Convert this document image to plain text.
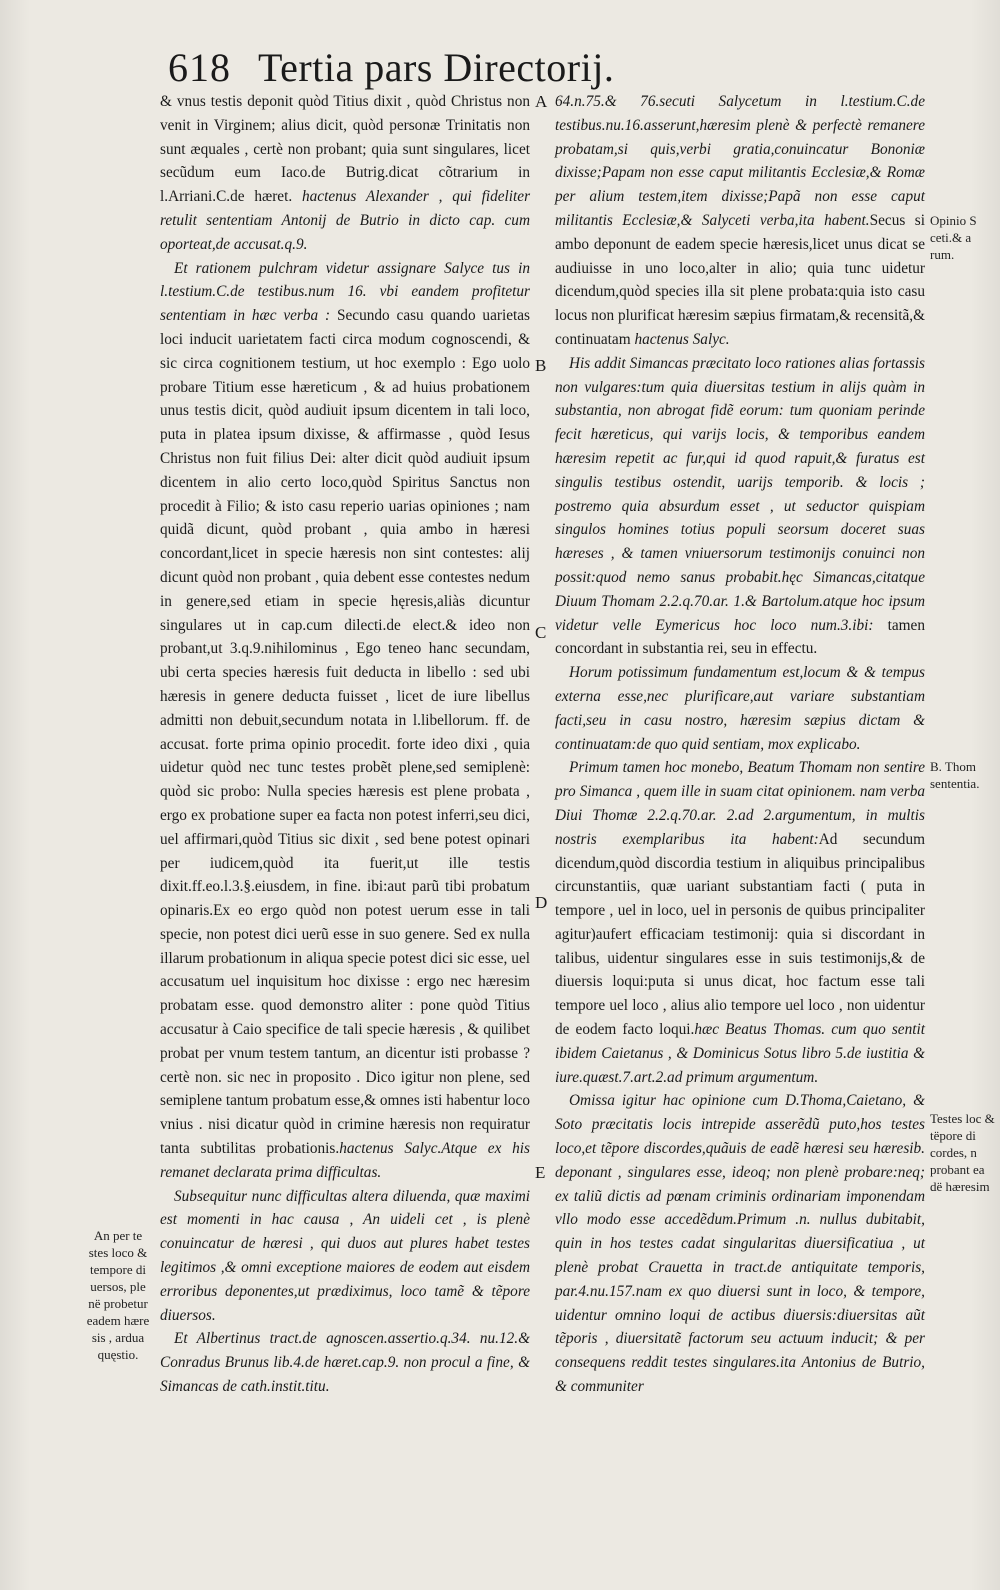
618 Tertia pars Directorij.
A
B
C
D
E
Opinio S ceti.& a rum.
B. Thom sententia.
Testes loc & tëpore di cordes, n probant ea dë hæresim
An per te stes loco & tempore di uersos, ple në probetur eadem hære sis , ardua quęstio.

& vnus testis deponit quòd Titius dixit , quòd Christus non venit in Virginem; alius dicit, quòd personæ Trinitatis non sunt æquales , certè non probant; quia sunt singulares, licet secũdum eum Iaco.de Butrig.dicat cõtrarium in l.Arriani.C.de hæret. hactenus Alexander , qui fideliter retulit sententiam Antonij de Butrio in dicto cap. cum oporteat,de accusat.q.9.

Et rationem pulchram videtur assignare Salyce tus in l.testium.C.de testibus.num 16. vbi eandem profitetur sententiam in hæc verba : Secundo casu quando uarietas loci inducit uarietatem facti circa modum cognoscendi, & sic circa cognitionem testium, ut hoc exemplo : Ego uolo probare Titium esse hæreticum , & ad huius probationem unus testis dicit, quòd audiuit ipsum dicentem in tali loco, puta in platea ipsum dixisse, & affirmasse , quòd Iesus Christus non fuit filius Dei: alter dicit quòd audiuit ipsum dicentem in alio certo loco,quòd Spiritus Sanctus non procedit à Filio; & isto casu reperio uarias opiniones ; nam quidã dicunt, quòd probant , quia ambo in hæresi concordant,licet in specie hæresis non sint contestes: alij dicunt quòd non probant , quia debent esse contestes nedum in genere,sed etiam in specie hęresis,aliàs dicuntur singulares ut in cap.cum dilecti.de elect.& ideo non probant,ut 3.q.9.nihilominus , Ego teneo hanc secundam, ubi certa species hæresis fuit deducta in libello : sed ubi hæresis in genere deducta fuisset , licet de iure libellus admitti non debuit,secundum notata in l.libellorum. ff. de accusat. forte prima opinio procedit. forte ideo dixi , quia uidetur quòd nec tunc testes probẽt plene,sed semiplenè: quòd sic probo: Nulla species hæresis est plene probata , ergo ex probatione super ea facta non potest inferri,seu dici, uel affirmari,quòd Titius sic dixit , sed bene potest opinari per iudicem,quòd ita fuerit,ut ille testis dixit.ff.eo.l.3.§.eiusdem, in fine. ibi:aut parũ tibi probatum opinaris.Ex eo ergo quòd non potest uerum esse in tali specie, non potest dici uerũ esse in suo genere. Sed ex nulla illarum probationum in aliqua specie potest dici sic esse, uel accusatum uel inquisitum hoc dixisse : ergo nec hæresim probatam esse. quod demonstro aliter : pone quòd Titius accusatur à Caio specifice de tali specie hæresis , & quilibet probat per vnum testem tantum, an dicentur isti probasse ? certè non. sic nec in proposito . Dico igitur non plene, sed semiplene tantum probatum esse,& omnes isti habentur loco vnius . nisi dicatur quòd in crimine hæresis non requiratur tanta subtilitas probationis.hactenus Salyc.Atque ex his remanet declarata prima difficultas.

Subsequitur nunc difficultas altera diluenda, quæ maximi est momenti in hac causa , An uideli cet , is plenè conuincatur de hæresi , qui duos aut plures habet testes legitimos ,& omni exceptione maiores de eodem aut eisdem erroribus deponentes,ut prædiximus, loco tamẽ & tẽpore diuersos.

Et Albertinus tract.de agnoscen.assertio.q.34. nu.12.& Conradus Brunus lib.4.de hæret.cap.9. non procul a fine, & Simancas de cath.instit.titu.

64.n.75.& 76.secuti Salycetum in l.testium.C.de testibus.nu.16.asserunt,hæresim plenè & perfectè remanere probatam,si quis,verbi gratia,conuincatur Bononiæ dixisse;Papam non esse caput militantis Ecclesiæ,& Romæ per alium testem,item dixisse;Papã non esse caput militantis Ecclesiæ,& Salyceti verba,ita habent.Secus si ambo deponunt de eadem specie hæresis,licet unus dicat se audiuisse in uno loco,alter in alio; quia tunc uidetur dicendum,quòd species illa sit plene probata:quia isto casu locus non plurificat hæresim sæpius firmatam,& recensitã,& continuatam hactenus Salyc.

His addit Simancas præcitato loco rationes alias fortassis non vulgares:tum quia diuersitas testium in alijs quàm in substantia, non abrogat fidẽ eorum: tum quoniam perinde fecit hæreticus, qui varijs locis, & temporibus eandem hæresim repetit ac fur,qui id quod rapuit,& furatus est singulis testibus ostendit, uarijs temporib. & locis ; postremo quia absurdum esset , ut seductor quispiam singulos homines totius populi seorsum doceret suas hæreses , & tamen vniuersorum testimonijs conuinci non possit:quod nemo sanus probabit.hęc Simancas,citatque Diuum Thomam 2.2.q.70.ar. 1.& Bartolum.atque hoc ipsum videtur velle Eymericus hoc loco num.3.ibi: tamen concordant in substantia rei, seu in effectu.

Horum potissimum fundamentum est,locum & & tempus externa esse,nec plurificare,aut variare substantiam facti,seu in casu nostro, hæresim sæpius dictam & continuatam:de quo quid sentiam, mox explicabo.

Primum tamen hoc monebo, Beatum Thomam non sentire pro Simanca , quem ille in suam citat opinionem. nam verba Diui Thomæ 2.2.q.70.ar. 2.ad 2.argumentum, in multis nostris exemplaribus ita habent:Ad secundum dicendum,quòd discordia testium in aliquibus principalibus circunstantiis, quæ uariant substantiam facti ( puta in tempore , uel in loco, uel in personis de quibus principaliter agitur)aufert efficaciam testimonij: quia si discordant in talibus, uidentur singulares esse in suis testimonijs,& de diuersis loqui:puta si unus dicat, hoc factum esse tali tempore uel loco , alius alio tempore uel loco , non uidentur de eodem facto loqui.hæc Beatus Thomas. cum quo sentit ibidem Caietanus , & Dominicus Sotus libro 5.de iustitia & iure.quæst.7.art.2.ad primum argumentum.

Omissa igitur hac opinione cum D.Thoma,Caietano, & Soto præcitatis locis intrepide asserẽdũ puto,hos testes loco,et tẽpore discordes,quãuis de eadẽ hæresi seu hæresib. deponant , singulares esse, ideoq; non plenè probare:neq; ex taliũ dictis ad pœnam criminis ordinariam imponendam vllo modo esse accedẽdum.Primum .n. nullus dubitabit, quin in hos testes cadat singularitas diuersificatiua , ut plenè probat Crauetta in tract.de antiquitate temporis, par.4.nu.157.nam ex quo diuersi sunt in loco, & tempore, uidentur omnino loqui de actibus diuersis:diuersitas aũt tẽporis , diuersitatẽ factorum seu actuum inducit; & per consequens reddit testes singulares.ita Antonius de Butrio, & communiter
